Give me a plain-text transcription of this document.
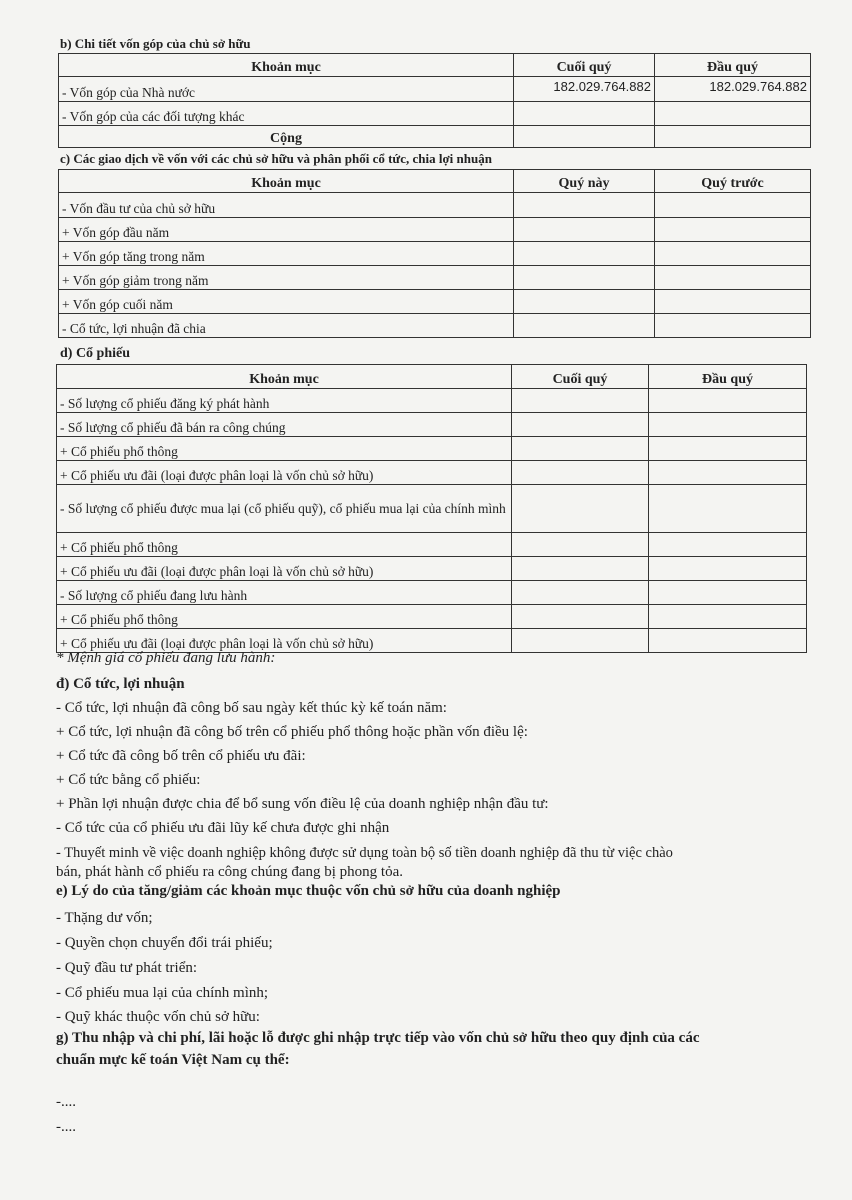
b) Chi tiết vốn góp của chủ sở hữu
Khoản mục	Cuối quý	Đầu quý
- Vốn góp của Nhà nước	182.029.764.882	182.029.764.882
- Vốn góp của các đối tượng khác		
Cộng		
c) Các giao dịch về vốn với các chủ sở hữu và phân phối cổ tức, chia lợi nhuận
Khoản mục	Quý này	Quý trước
- Vốn đầu tư của chủ sở hữu		
+ Vốn góp đầu năm		
+ Vốn góp tăng trong năm		
+ Vốn góp giảm trong năm		
+ Vốn góp cuối năm		
- Cổ tức, lợi nhuận đã chia		
d) Cổ phiếu
Khoản mục	Cuối quý	Đầu quý
- Số lượng cổ phiếu đăng ký phát hành		
- Số lượng cổ phiếu đã bán ra công chúng		
+ Cổ phiếu phổ thông		
+ Cổ phiếu ưu đãi (loại được phân loại là vốn chủ sở hữu)		
- Số lượng cổ phiếu được mua lại (cổ phiếu quỹ), cổ phiếu mua lại của chính mình		
+ Cổ phiếu phổ thông		
+ Cổ phiếu ưu đãi (loại được phân loại là vốn chủ sở hữu)		
- Số lượng cổ phiếu đang lưu hành		
+ Cổ phiếu phổ thông		
+ Cổ phiếu ưu đãi (loại được phân loại là vốn chủ sở hữu)		
* Mệnh giá cổ phiếu đang lưu hành:
đ) Cổ tức, lợi nhuận
- Cổ tức, lợi nhuận đã công bố sau ngày kết thúc kỳ kế toán năm:
+ Cổ tức, lợi nhuận đã công bố trên cổ phiếu phổ thông hoặc phần vốn điều lệ:
+ Cổ tức đã công bố trên cổ phiếu ưu đãi:
+ Cổ tức bằng cổ phiếu:
+ Phần lợi nhuận được chia để bổ sung vốn điều lệ của doanh nghiệp nhận đầu tư:
- Cổ tức của cổ phiếu ưu đãi lũy kế chưa được ghi nhận
- Thuyết minh về việc doanh nghiệp không được sử dụng toàn bộ số tiền doanh nghiệp đã thu từ việc chào
bán, phát hành cổ phiếu ra công chúng đang bị phong tỏa.
e) Lý do của tăng/giảm các khoản mục thuộc vốn chủ sở hữu của doanh nghiệp
- Thặng dư vốn;
- Quyền chọn chuyển đổi trái phiếu;
- Quỹ đầu tư phát triển:
- Cổ phiếu mua lại của chính mình;
- Quỹ khác thuộc vốn chủ sở hữu:
g) Thu nhập và chi phí, lãi hoặc lỗ được ghi nhập trực tiếp vào vốn chủ sở hữu theo quy định của các
chuẩn mực kế toán Việt Nam cụ thể:
-....
-....
